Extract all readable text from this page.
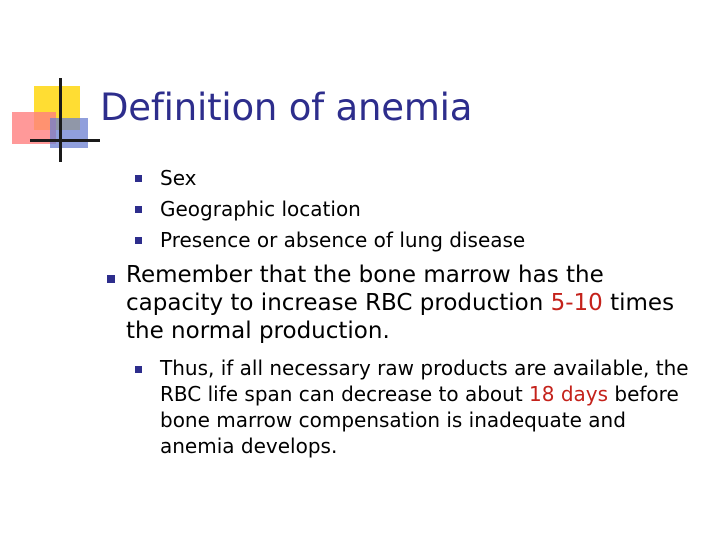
Definition of anemia
Sex
Geographic location
Presence or absence of lung disease
Remember that the bone marrow has the capacity to increase RBC production 5-10 times the normal production.
Thus, if all necessary raw products are available, the RBC life span can decrease to about 18 days before bone marrow compensation is inadequate and anemia develops.
